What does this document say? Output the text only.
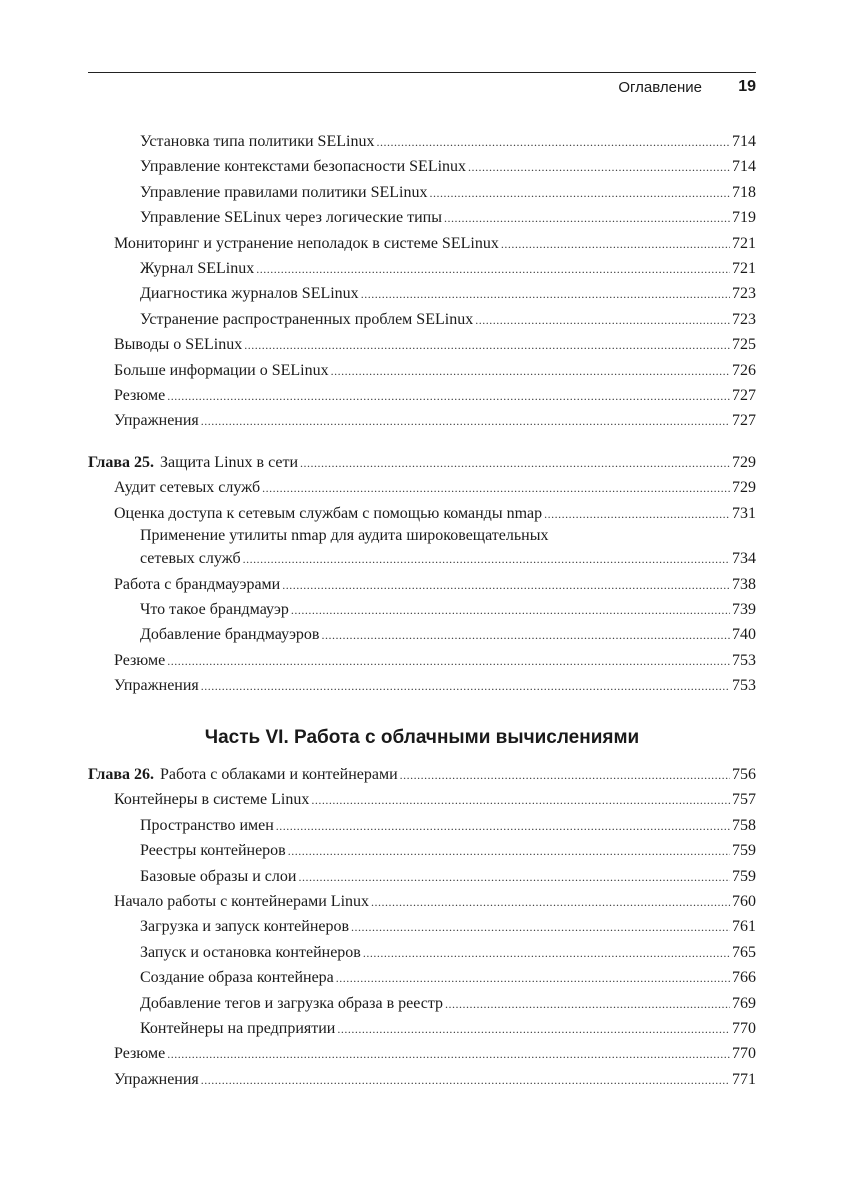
Оглавление 19
Установка типа политики SELinux .....	714
Управление контекстами безопасности SELinux .....	714
Управление правилами политики SELinux .....	718
Управление SELinux через логические типы .....	719
Мониторинг и устранение неполадок в системе SELinux .....	721
Журнал SELinux .....	721
Диагностика журналов SELinux .....	723
Устранение распространенных проблем SELinux .....	723
Выводы о SELinux .....	725
Больше информации о SELinux .....	726
Резюме .....	727
Упражнения .....	727
Глава 25. Защита Linux в сети .....	729
Аудит сетевых служб .....	729
Оценка доступа к сетевым службам с помощью команды nmap .....	731
Применение утилиты nmap для аудита широковещательных
сетевых служб .....	734
Работа с брандмауэрами .....	738
Что такое брандмауэр .....	739
Добавление брандмауэров .....	740
Резюме .....	753
Упражнения .....	753
Часть VI. Работа с облачными вычислениями
Глава 26. Работа с облаками и контейнерами .....	756
Контейнеры в системе Linux .....	757
Пространство имен .....	758
Реестры контейнеров .....	759
Базовые образы и слои .....	759
Начало работы с контейнерами Linux .....	760
Загрузка и запуск контейнеров .....	761
Запуск и остановка контейнеров .....	765
Создание образа контейнера .....	766
Добавление тегов и загрузка образа в реестр .....	769
Контейнеры на предприятии .....	770
Резюме .....	770
Упражнения .....	771
